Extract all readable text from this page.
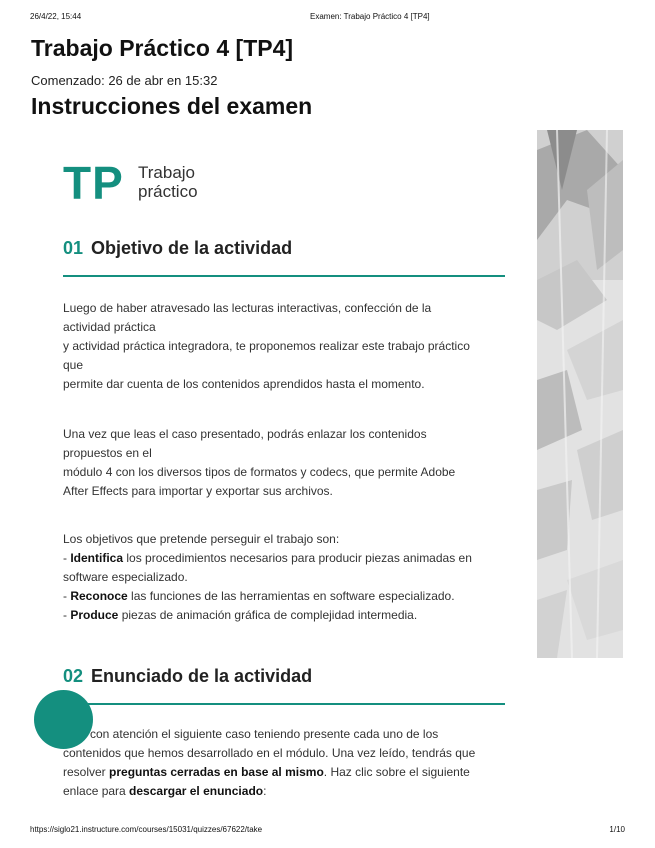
26/4/22, 15:44	Examen: Trabajo Práctico 4 [TP4]
Trabajo Práctico 4 [TP4]
Comenzado: 26 de abr en 15:32
Instrucciones del examen
TP Trabajo
práctico
01 Objetivo de la actividad
Luego de haber atravesado las lecturas interactivas, confección de la
actividad práctica
y actividad práctica integradora, te proponemos realizar este trabajo práctico
que
permite dar cuenta de los contenidos aprendidos hasta el momento.
Una vez que leas el caso presentado, podrás enlazar los contenidos
propuestos en el
módulo 4 con los diversos tipos de formatos y codecs, que permite Adobe
After Effects para importar y exportar sus archivos.
Los objetivos que pretende perseguir el trabajo son:
- Identifica los procedimientos necesarios para producir piezas animadas en
software especializado.
- Reconoce las funciones de las herramientas en software especializado.
- Produce piezas de animación gráfica de complejidad intermedia.
02 Enunciado de la actividad
con atención el siguiente caso teniendo presente cada uno de los
contenidos que hemos desarrollado en el módulo. Una vez leído, tendrás que
resolver preguntas cerradas en base al mismo. Haz clic sobre el siguiente
enlace para descargar el enunciado:
https://siglo21.instructure.com/courses/15031/quizzes/67622/take	1/10
